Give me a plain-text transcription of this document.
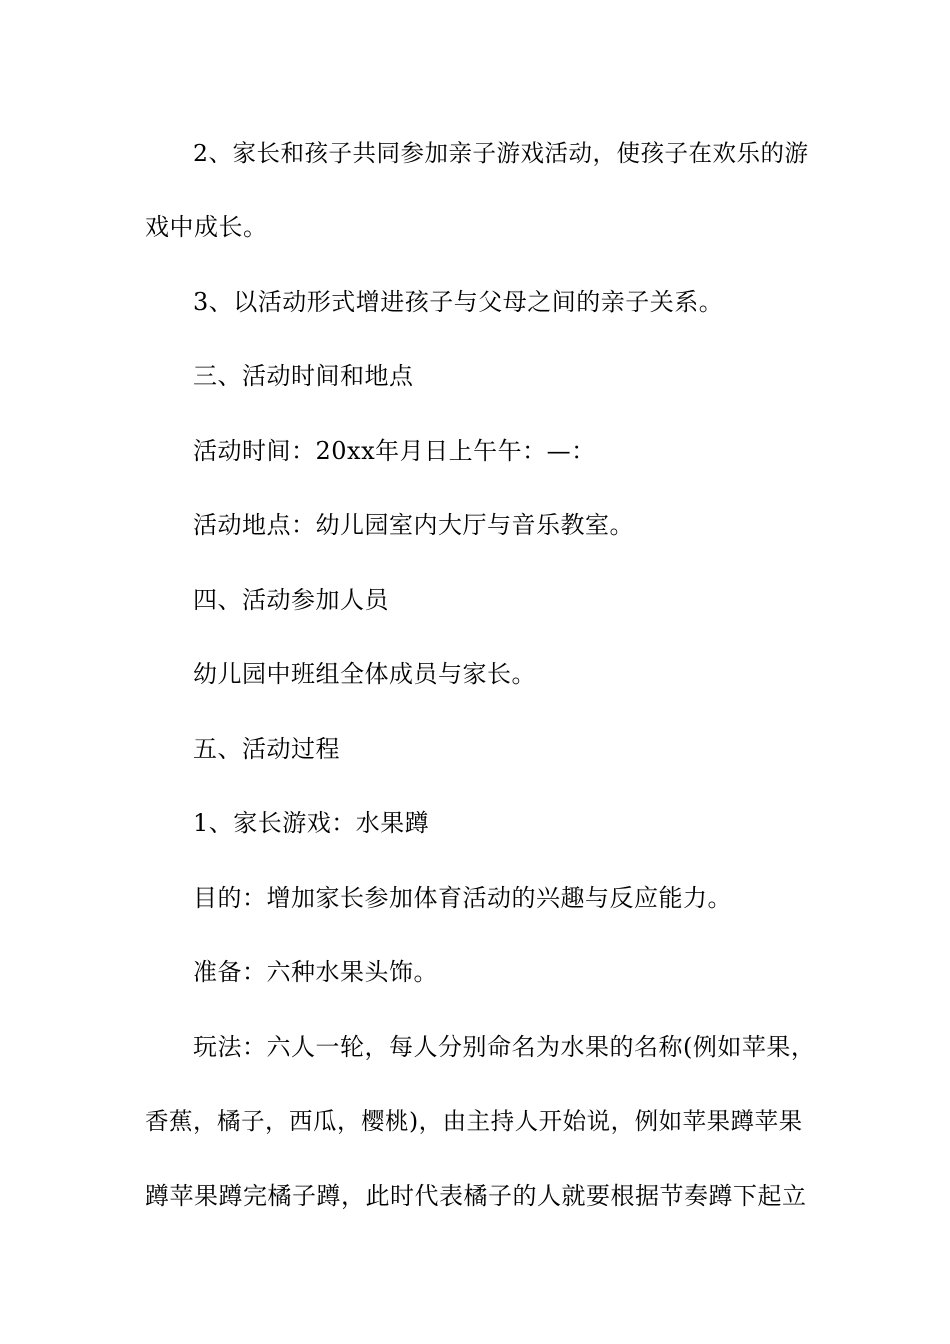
2、家长和孩子共同参加亲子游戏活动，使孩子在欢乐的游
戏中成长。
3、以活动形式增进孩子与父母之间的亲子关系。
三、活动时间和地点
活动时间：20xx年月日上午午：—：
活动地点：幼儿园室内大厅与音乐教室。
四、活动参加人员
幼儿园中班组全体成员与家长。
五、活动过程
1、家长游戏：水果蹲
目的：增加家长参加体育活动的兴趣与反应能力。
准备：六种水果头饰。
玩法：六人一轮，每人分别命名为水果的名称(例如苹果，
香蕉，橘子，西瓜，樱桃)，由主持人开始说，例如苹果蹲苹果
蹲苹果蹲完橘子蹲，此时代表橘子的人就要根据节奏蹲下起立
